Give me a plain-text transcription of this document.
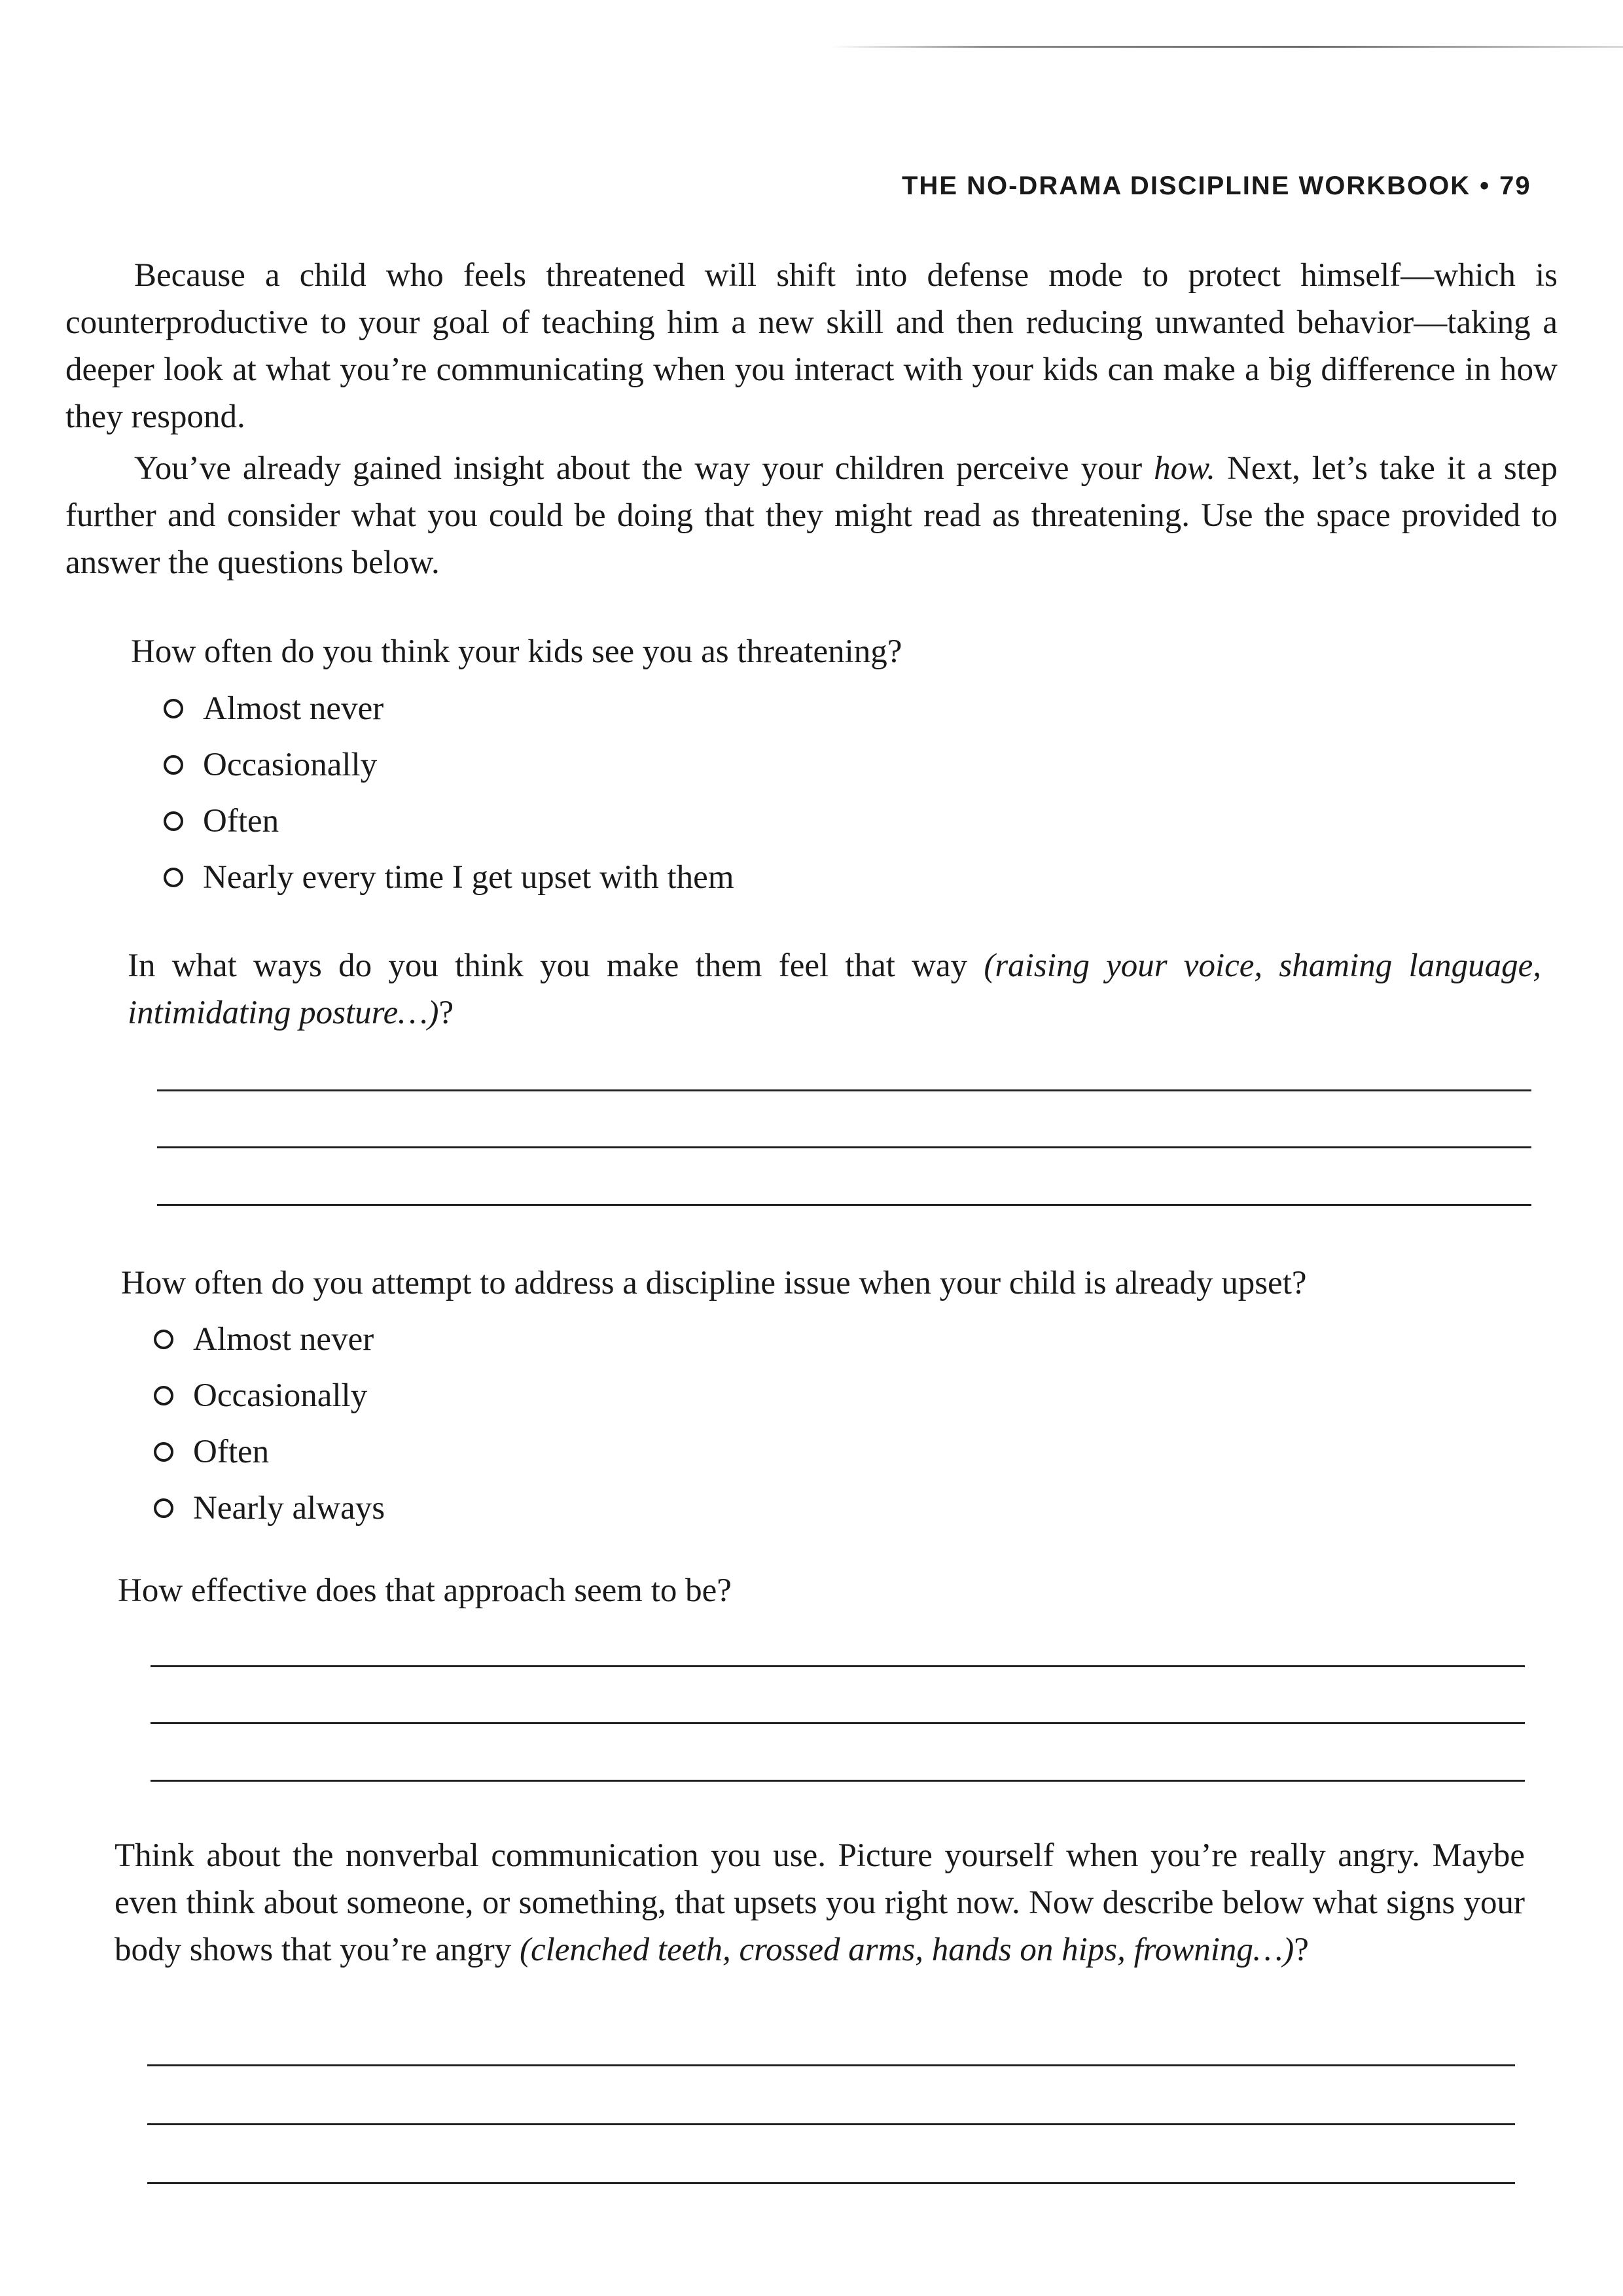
THE NO-DRAMA DISCIPLINE WORKBOOK • 79

Because a child who feels threatened will shift into defense mode to protect himself—which is counterproductive to your goal of teaching him a new skill and then reducing unwanted behavior—taking a deeper look at what you’re communicating when you interact with your kids can make a big difference in how they respond.

You’ve already gained insight about the way your children perceive your how. Next, let’s take it a step further and consider what you could be doing that they might read as threatening. Use the space provided to answer the questions below.

How often do you think your kids see you as threatening?

Almost never
Occasionally
Often
Nearly every time I get upset with them

In what ways do you think you make them feel that way (raising your voice, shaming language, intimidating posture…)?

How often do you attempt to address a discipline issue when your child is already upset?

Almost never
Occasionally
Often
Nearly always

How effective does that approach seem to be?

Think about the nonverbal communication you use. Picture yourself when you’re really angry. Maybe even think about someone, or something, that upsets you right now. Now describe below what signs your body shows that you’re angry (clenched teeth, crossed arms, hands on hips, frowning…)?
